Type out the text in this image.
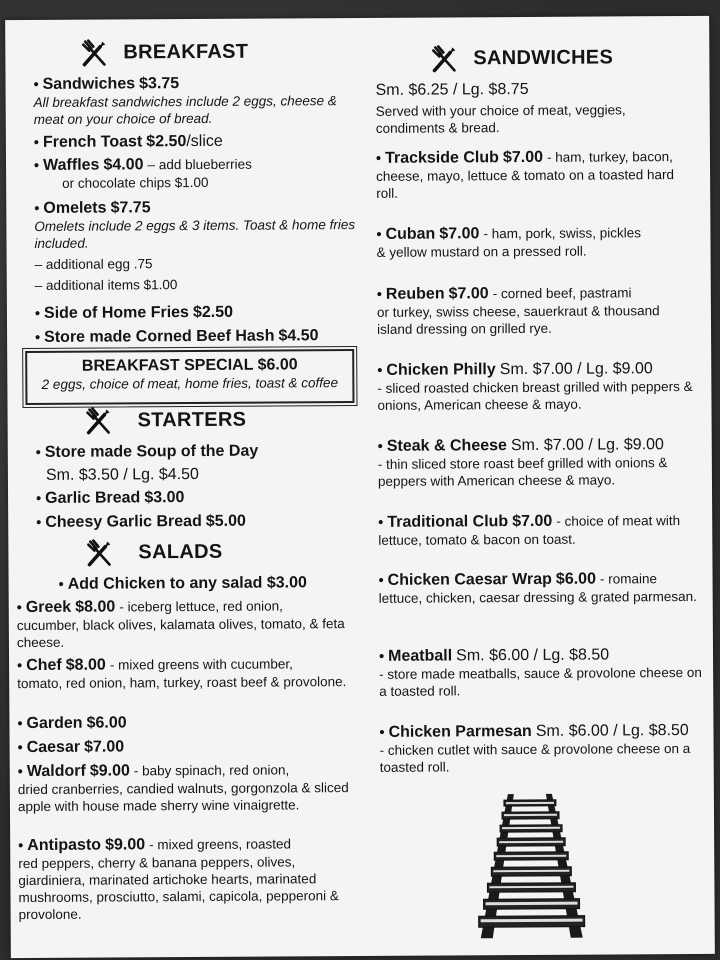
BREAKFAST
• Sandwiches $3.75
All breakfast sandwiches include 2 eggs, cheese & meat on your choice of bread.
• French Toast $2.50/slice
• Waffles $4.00 – add blueberries
or chocolate chips $1.00
• Omelets $7.75
Omelets include 2 eggs & 3 items. Toast & home fries included.
– additional egg .75
– additional items $1.00
• Side of Home Fries $2.50
• Store made Corned Beef Hash $4.50
BREAKFAST SPECIAL $6.00
2 eggs, choice of meat, home fries, toast & coffee
STARTERS
• Store made Soup of the Day
Sm. $3.50 / Lg. $4.50
• Garlic Bread $3.00
• Cheesy Garlic Bread $5.00
SALADS
• Add Chicken to any salad $3.00
• Greek $8.00 - iceberg lettuce, red onion,
cucumber, black olives, kalamata olives, tomato, & feta cheese.
• Chef $8.00 - mixed greens with cucumber,
tomato, red onion, ham, turkey, roast beef & provolone.
• Garden $6.00
• Caesar $7.00
• Waldorf $9.00 - baby spinach, red onion,
dried cranberries, candied walnuts, gorgonzola & sliced apple with house made sherry wine vinaigrette.
• Antipasto $9.00 - mixed greens, roasted
red peppers, cherry & banana peppers, olives, giardiniera, marinated artichoke hearts, marinated mushrooms, prosciutto, salami, capicola, pepperoni & provolone.
SANDWICHES
Sm. $6.25 / Lg. $8.75
Served with your choice of meat, veggies, condiments & bread.
• Trackside Club $7.00 - ham, turkey, bacon,
cheese, mayo, lettuce & tomato on a toasted hard roll.
• Cuban $7.00 - ham, pork, swiss, pickles
& yellow mustard on a pressed roll.
• Reuben $7.00 - corned beef, pastrami
or turkey, swiss cheese, sauerkraut & thousand island dressing on grilled rye.
• Chicken Philly Sm. $7.00 / Lg. $9.00
- sliced roasted chicken breast grilled with peppers & onions, American cheese & mayo.
• Steak & Cheese Sm. $7.00 / Lg. $9.00
- thin sliced store roast beef grilled with onions & peppers with American cheese & mayo.
• Traditional Club $7.00 - choice of meat with
lettuce, tomato & bacon on toast.
• Chicken Caesar Wrap $6.00 - romaine
lettuce, chicken, caesar dressing & grated parmesan.
• Meatball Sm. $6.00 / Lg. $8.50
- store made meatballs, sauce & provolone cheese on a toasted roll.
• Chicken Parmesan Sm. $6.00 / Lg. $8.50
- chicken cutlet with sauce & provolone cheese on a toasted roll.
